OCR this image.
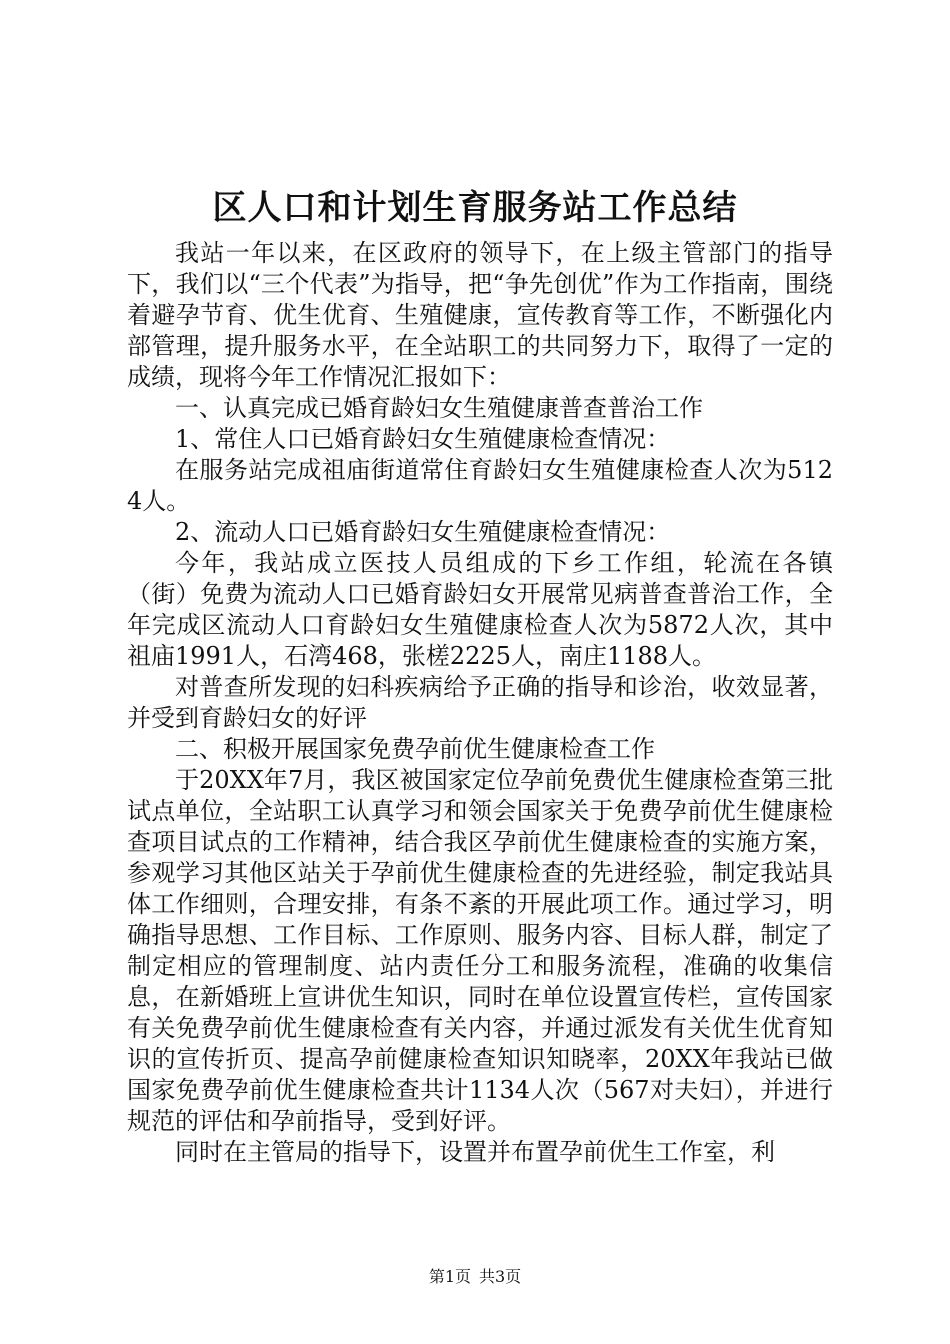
区人口和计划生育服务站工作总结

我站一年以来，在区政府的领导下，在上级主管部门的指导下，我们以“三个代表”为指导，把“争先创优”作为工作指南，围绕着避孕节育、优生优育、生殖健康，宣传教育等工作，不断强化内部管理，提升服务水平，在全站职工的共同努力下，取得了一定的成绩，现将今年工作情况汇报如下：

一、认真完成已婚育龄妇女生殖健康普查普治工作

1、常住人口已婚育龄妇女生殖健康检查情况：

在服务站完成祖庙街道常住育龄妇女生殖健康检查人次为5124人。

2、流动人口已婚育龄妇女生殖健康检查情况：

今年，我站成立医技人员组成的下乡工作组，轮流在各镇（街）免费为流动人口已婚育龄妇女开展常见病普查普治工作，全年完成区流动人口育龄妇女生殖健康检查人次为5872人次，其中祖庙1991人，石湾468，张槎2225人，南庄1188人。

对普查所发现的妇科疾病给予正确的指导和诊治，收效显著，并受到育龄妇女的好评

二、积极开展国家免费孕前优生健康检查工作

于20XX年7月，我区被国家定位孕前免费优生健康检查第三批试点单位，全站职工认真学习和领会国家关于免费孕前优生健康检查项目试点的工作精神，结合我区孕前优生健康检查的实施方案，参观学习其他区站关于孕前优生健康检查的先进经验，制定我站具体工作细则，合理安排，有条不紊的开展此项工作。通过学习，明确指导思想、工作目标、工作原则、服务内容、目标人群，制定了制定相应的管理制度、站内责任分工和服务流程，准确的收集信息，在新婚班上宣讲优生知识，同时在单位设置宣传栏，宣传国家有关免费孕前优生健康检查有关内容，并通过派发有关优生优育知识的宣传折页、提高孕前健康检查知识知晓率，20XX年我站已做国家免费孕前优生健康检查共计1134人次（567对夫妇），并进行规范的评估和孕前指导，受到好评。

同时在主管局的指导下，设置并布置孕前优生工作室，利

第1页 共3页
